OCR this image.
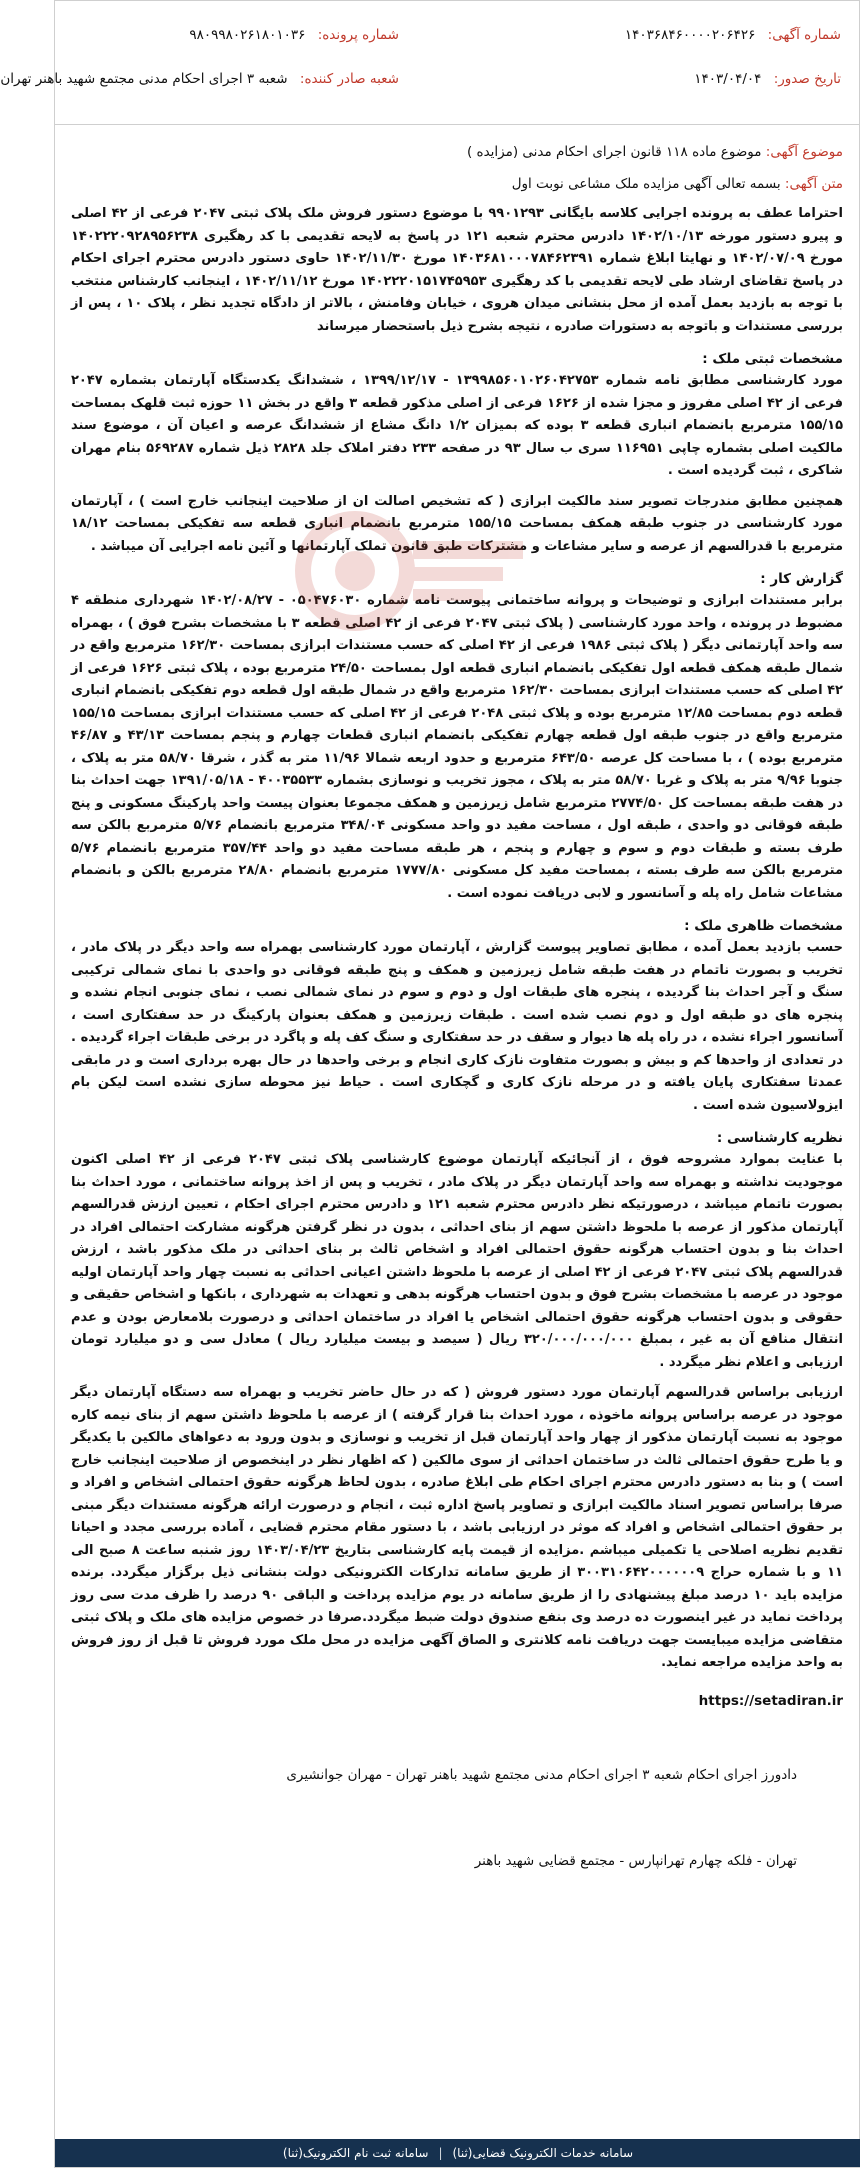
شماره آگهی: ۱۴۰۳۶۸۴۶۰۰۰۰۲۰۶۴۲۶
شماره پرونده: ۹۸۰۹۹۸۰۲۶۱۸۰۱۰۳۶
تاریخ صدور: ۱۴۰۳/۰۴/۰۴
شعبه صادر کننده: شعبه ۳ اجرای احکام مدنی مجتمع شهید باهنر تهران
موضوع آگهی: موضوع ماده ۱۱۸ قانون اجرای احکام مدنی (مزایده )
متن آگهی: بسمه تعالی آگهی مزایده ملک مشاعی نوبت اول

احتراما عطف به پرونده اجرایی کلاسه بایگانی ۹۹۰۱۲۹۳ با موضوع دستور فروش ملک پلاک ثبتی ۲۰۴۷ فرعی از ۴۲ اصلی و پیرو دستور مورخه ۱۴۰۲/۱۰/۱۳ دادرس محترم شعبه ۱۲۱ در پاسخ به لایحه تقدیمی با کد رهگیری ۱۴۰۲۲۲۰۹۲۸۹۵۶۲۳۸ مورخ ۱۴۰۲/۰۷/۰۹ و نهایتا ابلاغ شماره ۱۴۰۳۶۸۱۰۰۰۷۸۴۶۲۳۹۱ مورخ ۱۴۰۲/۱۱/۳۰ حاوی دستور دادرس محترم اجرای احکام در پاسخ تقاضای ارشاد طی لایحه تقدیمی با کد رهگیری ۱۴۰۲۲۲۰۱۵۱۷۴۵۹۵۳ مورخ ۱۴۰۲/۱۱/۱۲ ، اینجانب کارشناس منتخب با توجه به بازدید بعمل آمده از محل بنشانی میدان هروی ، خیابان وفامنش ، بالاتر از دادگاه تجدید نظر ، پلاک ۱۰ ، پس از بررسی مستندات و باتوجه به دستورات صادره ، نتیجه بشرح ذیل باستحضار میرساند

مشخصات ثبتی ملک :

مورد کارشناسی مطابق نامه شماره ۱۳۹۹۸۵۶۰۱۰۲۶۰۴۲۷۵۳ - ۱۳۹۹/۱۲/۱۷ ، ششدانگ یکدستگاه آپارتمان بشماره ۲۰۴۷ فرعی از ۴۲ اصلی مفروز و مجزا شده از ۱۶۲۶ فرعی از اصلی مذکور قطعه ۳ واقع در بخش ۱۱ حوزه ثبت قلهک بمساحت ۱۵۵/۱۵ مترمربع بانضمام انباری قطعه ۳ بوده که بمیزان ۱/۲ دانگ مشاع از ششدانگ عرصه و اعیان آن ، موضوع سند مالکیت اصلی بشماره چاپی ۱۱۶۹۵۱ سری ب سال ۹۳ در صفحه ۲۳۳ دفتر املاک جلد ۲۸۲۸ ذیل شماره ۵۶۹۲۸۷ بنام مهران شاکری ، ثبت گردیده است .

همچنین مطابق مندرجات تصویر سند مالکیت ابرازی ( که تشخیص اصالت ان از صلاحیت اینجانب خارج است ) ، آپارتمان مورد کارشناسی در جنوب طبقه همکف بمساحت ۱۵۵/۱۵ مترمربع بانضمام انباری قطعه سه تفکیکی بمساحت ۱۸/۱۲ مترمربع با قدرالسهم از عرصه و سایر مشاعات و مشترکات طبق قانون تملک آپارتمانها و آئین نامه اجرایی آن میباشد .

گزارش کار :

برابر مستندات ابرازی و توضیحات و پروانه ساختمانی پیوست نامه شماره ۰۵۰۴۷۶۰۳۰ - ۱۴۰۲/۰۸/۲۷ شهرداری منطقه ۴ مضبوط در پرونده ، واحد مورد کارشناسی ( پلاک ثبتی ۲۰۴۷ فرعی از ۴۲ اصلی قطعه ۳ با مشخصات بشرح فوق ) ، بهمراه سه واحد آپارتمانی دیگر ( پلاک ثبتی ۱۹۸۶ فرعی از ۴۲ اصلی که حسب مستندات ابرازی بمساحت ۱۶۲/۳۰ مترمربع واقع در شمال طبقه همکف قطعه اول تفکیکی بانضمام انباری قطعه اول بمساحت ۲۴/۵۰ مترمربع بوده ، پلاک ثبتی ۱۶۲۶ فرعی از ۴۲ اصلی که حسب مستندات ابرازی بمساحت ۱۶۲/۳۰ مترمربع واقع در شمال طبقه اول قطعه دوم تفکیکی بانضمام انباری قطعه دوم بمساحت ۱۲/۸۵ مترمربع بوده و پلاک ثبتی ۲۰۴۸ فرعی از ۴۲ اصلی که حسب مستندات ابرازی بمساحت ۱۵۵/۱۵ مترمربع واقع در جنوب طبقه اول قطعه چهارم تفکیکی بانضمام انباری قطعات چهارم و پنجم بمساحت ۴۳/۱۳ و ۴۶/۸۷ مترمربع بوده ) ، با مساحت کل عرصه ۶۴۳/۵۰ مترمربع و حدود اربعه شمالا ۱۱/۹۶ متر به گذر ، شرقا ۵۸/۷۰ متر به پلاک ، جنوبا ۹/۹۶ متر به پلاک و غربا ۵۸/۷۰ متر به پلاک ، مجوز تخریب و نوسازی بشماره ۴۰۰۳۵۵۳۳ - ۱۳۹۱/۰۵/۱۸ جهت احداث بنا در هفت طبقه بمساحت کل ۲۷۷۴/۵۰ مترمربع شامل زیرزمین و همکف مجموعا بعنوان پیست واحد پارکینگ مسکونی و پنج طبقه فوقانی دو واحدی ، طبقه اول ، مساحت مفید دو واحد مسکونی ۳۴۸/۰۴ مترمربع بانضمام ۵/۷۶ مترمربع بالکن سه طرف بسته و طبقات دوم و سوم و چهارم و پنجم ، هر طبقه مساحت مفید دو واحد ۳۵۷/۴۴ مترمربع بانضمام ۵/۷۶ مترمربع بالکن سه طرف بسته ، بمساحت مفید کل مسکونی ۱۷۷۷/۸۰ مترمربع بانضمام ۲۸/۸۰ مترمربع بالکن و بانضمام مشاعات شامل راه پله و آسانسور و لابی دریافت نموده است .

مشخصات ظاهری ملک :

حسب بازدید بعمل آمده ، مطابق تصاویر پیوست گزارش ، آپارتمان مورد کارشناسی بهمراه سه واحد دیگر در پلاک مادر ، تخریب و بصورت ناتمام در هفت طبقه شامل زیرزمین و همکف و پنج طبقه فوقانی دو واحدی با نمای شمالی ترکیبی سنگ و آجر احداث بنا گردیده ، پنجره های طبقات اول و دوم و سوم در نمای شمالی نصب ، نمای جنوبی انجام نشده و پنجره های دو طبقه اول و دوم نصب شده است . طبقات زیرزمین و همکف بعنوان پارکینگ در حد سفتکاری است ، آسانسور اجراء نشده ، در راه پله ها دیوار و سقف در حد سفتکاری و سنگ کف پله و پاگرد در برخی طبقات اجراء گردیده . در تعدادی از واحدها کم و بیش و بصورت متفاوت نازک کاری انجام و برخی واحدها در حال بهره برداری است و در مابقی عمدتا سفتکاری پایان یافته و در مرحله نازک کاری و گچکاری است . حیاط نیز محوطه سازی نشده است لیکن بام ایزولاسیون شده است .

نظریه کارشناسی :

با عنایت بموارد مشروحه فوق ، از آنجائیکه آپارتمان موضوع کارشناسی پلاک ثبتی ۲۰۴۷ فرعی از ۴۲ اصلی اکنون موجودیت نداشته و بهمراه سه واحد آپارتمان دیگر در پلاک مادر ، تخریب و پس از اخذ پروانه ساختمانی ، مورد احداث بنا بصورت ناتمام میباشد ، درصورتیکه نظر دادرس محترم شعبه ۱۲۱ و دادرس محترم اجرای احکام ، تعیین ارزش قدرالسهم آپارتمان مذکور از عرصه با ملحوظ داشتن سهم از بنای احداثی ، بدون در نظر گرفتن هرگونه مشارکت احتمالی افراد در احداث بنا و بدون احتساب هرگونه حقوق احتمالی افراد و اشخاص ثالث بر بنای احداثی در ملک مذکور باشد ، ارزش قدرالسهم پلاک ثبتی ۲۰۴۷ فرعی از ۴۲ اصلی از عرصه با ملحوظ داشتن اعیانی احداثی به نسبت چهار واحد آپارتمان اولیه موجود در عرصه با مشخصات بشرح فوق و بدون احتساب هرگونه بدهی و تعهدات به شهرداری ، بانکها و اشخاص حقیقی و حقوقی و بدون احتساب هرگونه حقوق احتمالی اشخاص یا افراد در ساختمان احداثی و درصورت بلامعارض بودن و عدم انتقال منافع آن به غیر ، بمبلغ ۳۲۰/۰۰۰/۰۰۰/۰۰۰ ریال ( سیصد و بیست میلیارد ریال ) معادل سی و دو میلیارد تومان ارزیابی و اعلام نظر میگردد .

ارزیابی براساس قدرالسهم آپارتمان مورد دستور فروش ( که در حال حاضر تخریب و بهمراه سه دستگاه آپارتمان دیگر موجود در عرصه براساس پروانه ماخوذه ، مورد احداث بنا قرار گرفته ) از عرصه با ملحوظ داشتن سهم از بنای نیمه کاره موجود به نسبت آپارتمان مذکور از چهار واحد آپارتمان قبل از تخریب و نوسازی و بدون ورود به دعواهای مالکین با یکدیگر و یا طرح حقوق احتمالی ثالث در ساختمان احداثی از سوی مالکین ( که اظهار نظر در اینخصوص از صلاحیت اینجانب خارج است ) و بنا به دستور دادرس محترم اجرای احکام طی ابلاغ صادره ، بدون لحاظ هرگونه حقوق احتمالی اشخاص و افراد و صرفا براساس تصویر اسناد مالکیت ابرازی و تصاویر پاسخ اداره ثبت ، انجام و درصورت ارائه هرگونه مستندات دیگر مبنی بر حقوق احتمالی اشخاص و افراد که موثر در ارزیابی باشد ، با دستور مقام محترم قضایی ، آماده بررسی مجدد و احیانا تقدیم نظریه اصلاحی یا تکمیلی میباشم .مزایده از قیمت پایه کارشناسی بتاریخ ۱۴۰۳/۰۴/۲۳ روز شنبه ساعت ۸ صبح الی ۱۱ و با شماره حراج ۳۰۰۳۱۰۶۴۲۰۰۰۰۰۰۹ از طریق سامانه تدارکات الکترونیکی دولت بنشانی ذیل برگزار میگردد. برنده مزایده باید ۱۰ درصد مبلغ پیشنهادی را از طریق سامانه در یوم مزایده پرداخت و الباقی ۹۰ درصد را ظرف مدت سی روز پرداخت نماید در غیر اینصورت ده درصد وی بنفع صندوق دولت ضبط میگردد.صرفا در خصوص مزایده های ملک و پلاک ثبتی متقاضی مزایده میبایست جهت دریافت نامه کلانتری و الصاق آگهی مزایده در محل ملک مورد فروش تا قبل از روز فروش به واحد مزایده مراجعه نماید.

https://setadiran.ir
دادورز اجرای احکام شعبه ۳ اجرای احکام مدنی مجتمع شهید باهنر تهران - مهران جوانشیری
تهران - فلکه چهارم تهرانپارس - مجتمع قضایی شهید باهنر
سامانه خدمات الکترونیک قضایی(ثنا)
|
سامانه ثبت نام الکترونیک(ثنا)
